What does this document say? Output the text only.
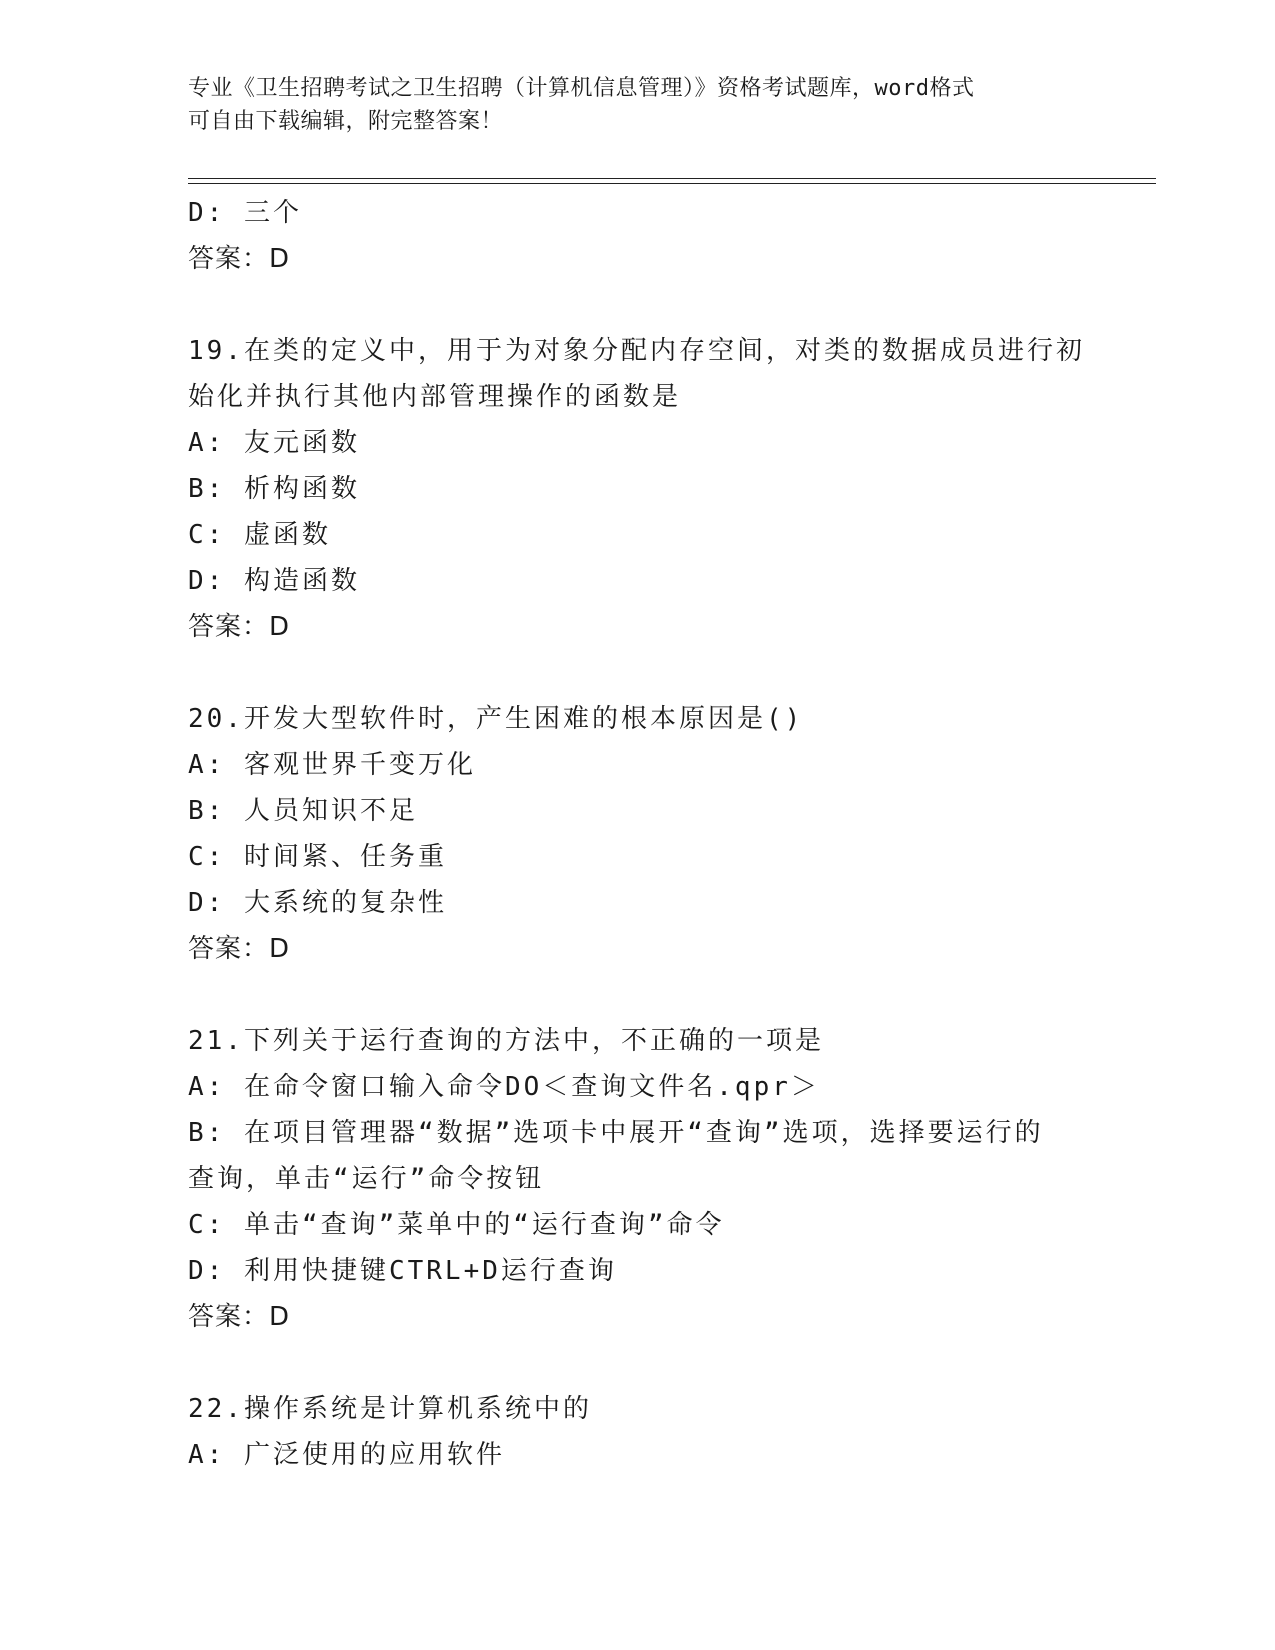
专业《卫生招聘考试之卫生招聘（计算机信息管理）》资格考试题库，word格式
可自由下载编辑，附完整答案！
D: 三个
答案：D
19.在类的定义中，用于为对象分配内存空间，对类的数据成员进行初
始化并执行其他内部管理操作的函数是
A: 友元函数
B: 析构函数
C: 虚函数
D: 构造函数
答案：D
20.开发大型软件时，产生困难的根本原因是()
A: 客观世界千变万化
B: 人员知识不足
C: 时间紧、任务重
D: 大系统的复杂性
答案：D
21.下列关于运行查询的方法中，不正确的一项是
A: 在命令窗口输入命令DO＜查询文件名.qpr＞
B: 在项目管理器“数据”选项卡中展开“查询”选项，选择要运行的
查询，单击“运行”命令按钮
C: 单击“查询”菜单中的“运行查询”命令
D: 利用快捷键CTRL+D运行查询
答案：D
22.操作系统是计算机系统中的
A: 广泛使用的应用软件
